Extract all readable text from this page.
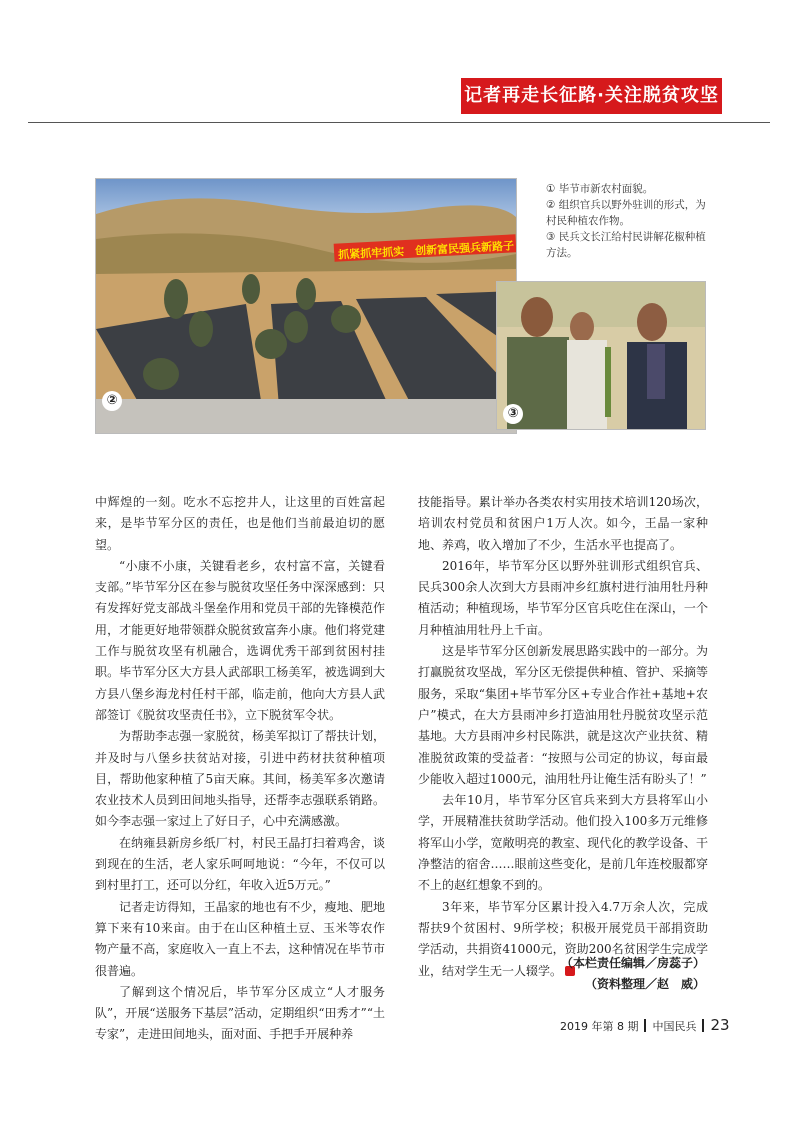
记者再走长征路·关注脱贫攻坚
抓紧抓牢抓实　创新富民强兵新路子
②
③

① 毕节市新农村面貌。

② 组织官兵以野外驻训的形式，为村民种植农作物。

③ 民兵文长江给村民讲解花椒种植方法。

中辉煌的一刻。吃水不忘挖井人，让这里的百姓富起来，是毕节军分区的责任，也是他们当前最迫切的愿望。

“小康不小康，关键看老乡，农村富不富，关键看支部。”毕节军分区在参与脱贫攻坚任务中深深感到：只有发挥好党支部战斗堡垒作用和党员干部的先锋模范作用，才能更好地带领群众脱贫致富奔小康。他们将党建工作与脱贫攻坚有机融合，选调优秀干部到贫困村挂职。毕节军分区大方县人武部职工杨美军，被选调到大方县八堡乡海龙村任村干部，临走前，他向大方县人武部签订《脱贫攻坚责任书》，立下脱贫军令状。

为帮助李志强一家脱贫，杨美军拟订了帮扶计划，并及时与八堡乡扶贫站对接，引进中药材扶贫种植项目，帮助他家种植了5亩天麻。其间，杨美军多次邀请农业技术人员到田间地头指导，还帮李志强联系销路。如今李志强一家过上了好日子，心中充满感激。

在纳雍县新房乡纸厂村，村民王晶打扫着鸡舍，谈到现在的生活，老人家乐呵呵地说：“今年，不仅可以到村里打工，还可以分红，年收入近5万元。”

记者走访得知，王晶家的地也有不少，瘦地、肥地算下来有10来亩。由于在山区种植土豆、玉米等农作物产量不高，家庭收入一直上不去，这种情况在毕节市很普遍。

了解到这个情况后，毕节军分区成立“人才服务队”，开展“送服务下基层”活动，定期组织“田秀才”“土专家”，走进田间地头，面对面、手把手开展种养

技能指导。累计举办各类农村实用技术培训120场次，培训农村党员和贫困户1万人次。如今，王晶一家种地、养鸡，收入增加了不少，生活水平也提高了。

2016年，毕节军分区以野外驻训形式组织官兵、民兵300余人次到大方县雨冲乡红旗村进行油用牡丹种植活动；种植现场，毕节军分区官兵吃住在深山，一个月种植油用牡丹上千亩。

这是毕节军分区创新发展思路实践中的一部分。为打赢脱贫攻坚战，军分区无偿提供种植、管护、采摘等服务，采取“集团+毕节军分区+专业合作社+基地+农户”模式，在大方县雨冲乡打造油用牡丹脱贫攻坚示范基地。大方县雨冲乡村民陈洪，就是这次产业扶贫、精准脱贫政策的受益者：“按照与公司定的协议，每亩最少能收入超过1000元，油用牡丹让俺生活有盼头了！”

去年10月，毕节军分区官兵来到大方县将军山小学，开展精准扶贫助学活动。他们投入100多万元维修将军山小学，宽敞明亮的教室、现代化的教学设备、干净整洁的宿舍……眼前这些变化，是前几年连校服都穿不上的赵红想象不到的。

3年来，毕节军分区累计投入4.7万余人次，完成帮扶9个贫困村、9所学校；积极开展党员干部捐资助学活动，共捐资41000元，资助200名贫困学生完成学业，结对学生无一人辍学。

（本栏责任编辑／房蕊子）
（资料整理／赵　威）
2019 年第 8 期 中国民兵 23
